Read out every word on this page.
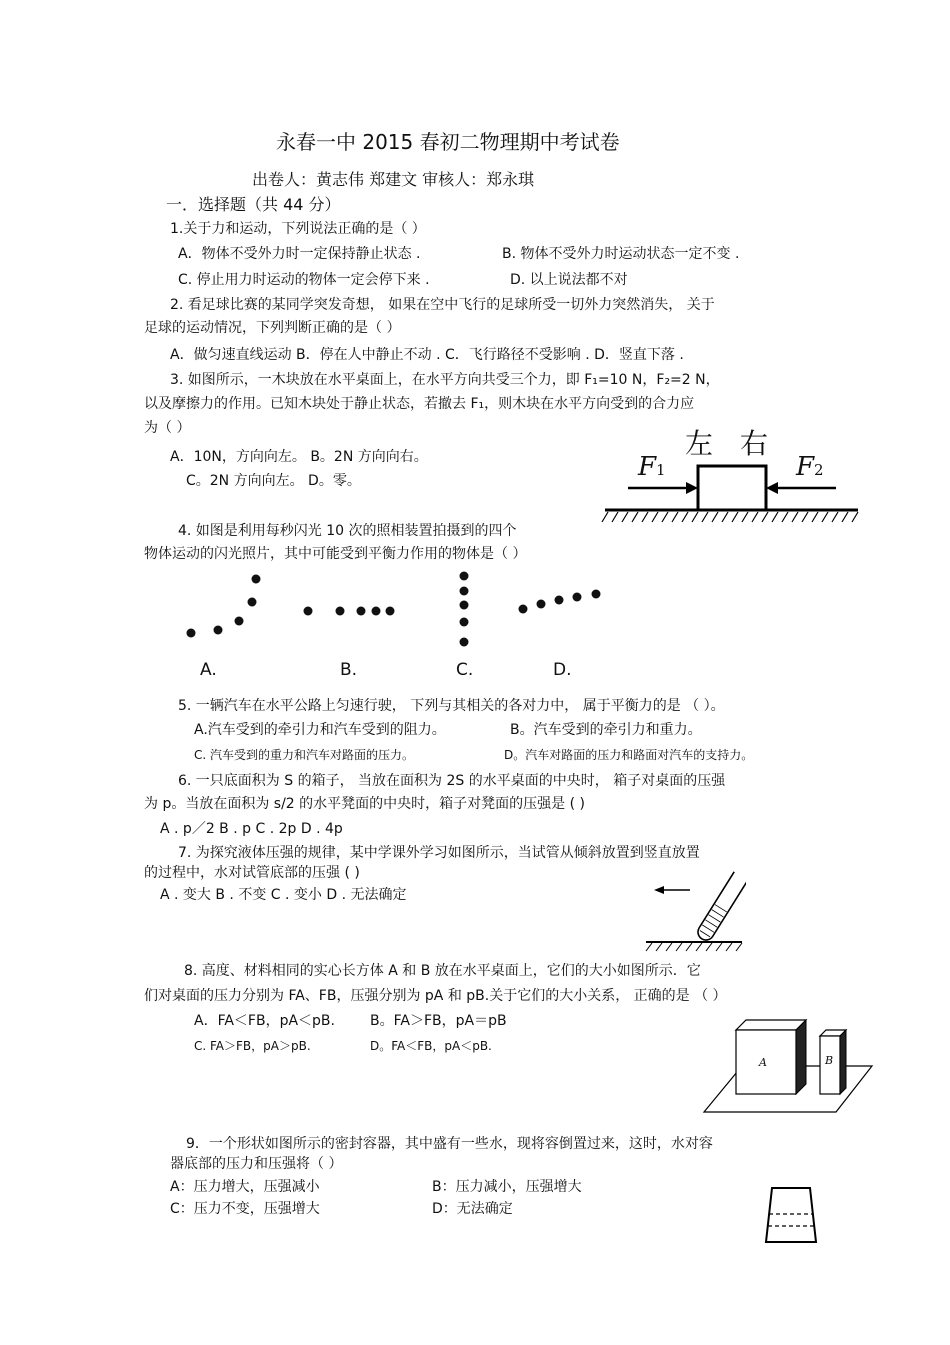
永春一中 2015 春初二物理期中考试卷
出卷人：黄志伟 郑建文 审核人：郑永琪
一．选择题（共 44 分）
1.关于力和运动，下列说法正确的是（ ）
A．物体不受外力时一定保持静止状态 .	B. 物体不受外力时运动状态一定不变 .
C. 停止用力时运动的物体一定会停下来 .	D. 以上说法都不对
2. 看足球比赛的某同学突发奇想， 如果在空中飞行的足球所受一切外力突然消失， 关于
足球的运动情况，下列判断正确的是（ ）
A．做匀速直线运动 B．停在人中静止不动 . C．飞行路径不受影响 . D．竖直下落 .
3. 如图所示，一木块放在水平桌面上，在水平方向共受三个力，即 F₁=10 N，F₂=2 N，
以及摩擦力的作用。已知木块处于静止状态，若撤去 F₁，则木块在水平方向受到的合力应
为（ ）
A．10N，方向向左。 B。2N 方向向右。
C。2N 方向向左。 D。零。
左 右
F1	F2
4. 如图是利用每秒闪光 10 次的照相装置拍摄到的四个
物体运动的闪光照片，其中可能受到平衡力作用的物体是（ ）
A.	B.	C.	D.
5. 一辆汽车在水平公路上匀速行驶， 下列与其相关的各对力中， 属于平衡力的是 （ ）。
A.汽车受到的牵引力和汽车受到的阻力。	B。汽车受到的牵引力和重力。
C. 汽车受到的重力和汽车对路面的压力。	D。汽车对路面的压力和路面对汽车的支持力。
6. 一只底面积为 S 的箱子， 当放在面积为 2S 的水平桌面的中央时， 箱子对桌面的压强
为 p。当放在面积为 s/2 的水平凳面的中央时，箱子对凳面的压强是 ( )
A . p／2 B . p C . 2p D . 4p
7. 为探究液体压强的规律，某中学课外学习如图所示，当试管从倾斜放置到竖直放置
的过程中，水对试管底部的压强 ( )
A . 变大 B . 不变 C . 变小 D . 无法确定
8. 高度、材料相同的实心长方体 A 和 B 放在水平桌面上，它们的大小如图所示．它
们对桌面的压力分别为 FA、FB，压强分别为 pA 和 pB.关于它们的大小关系， 正确的是 （ ）
A．FA＜FB，pA＜pB.	B。FA＞FB，pA＝pB
C. FA＞FB，pA＞pB.	D。FA＜FB，pA＜pB.
A	B
9．一个形状如图所示的密封容器，其中盛有一些水，现将容倒置过来，这时，水对容
器底部的压力和压强将（ ）
A：压力增大，压强减小	B：压力减小，压强增大
C：压力不变，压强增大	D：无法确定
